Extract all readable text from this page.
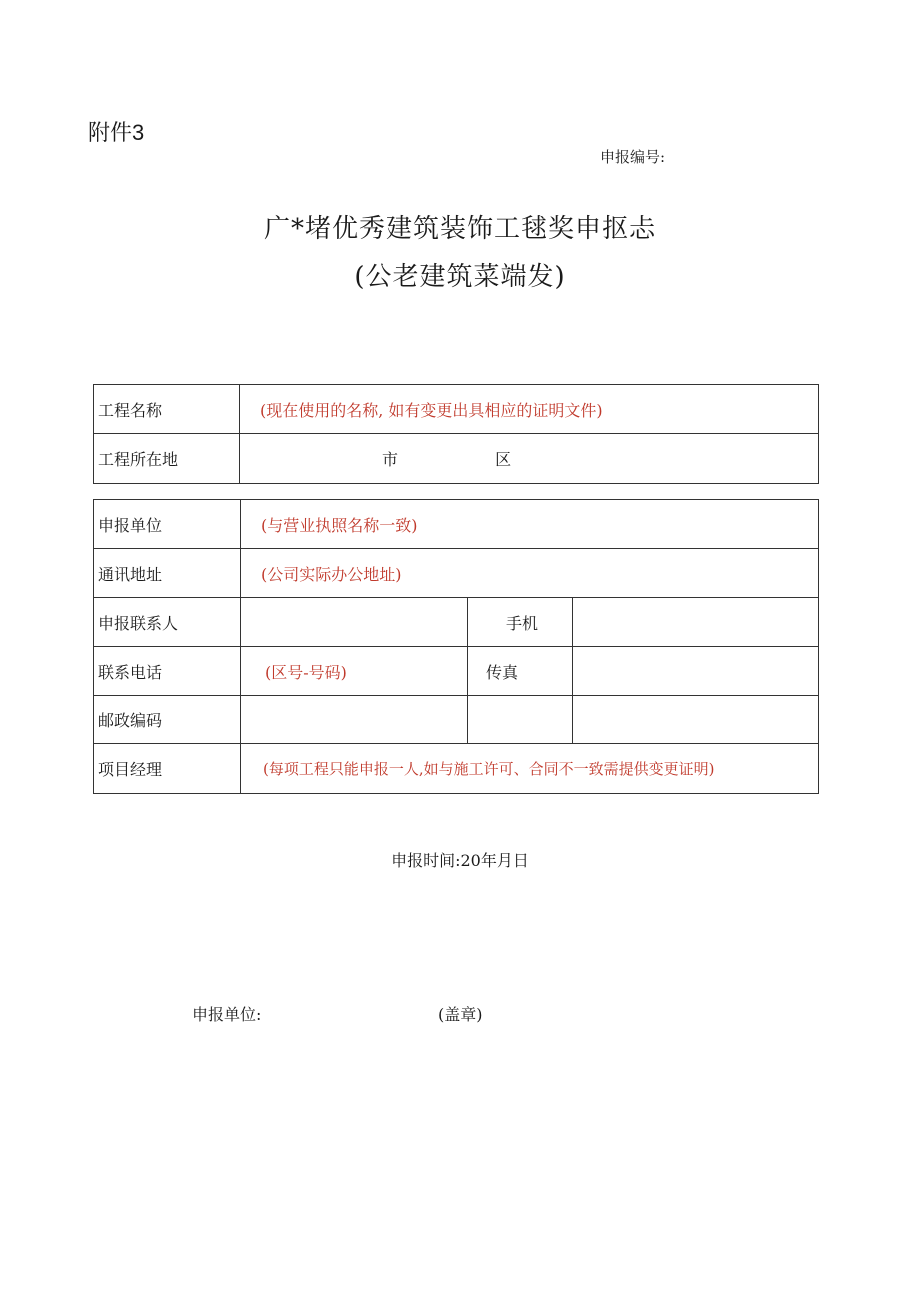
附件3
申报编号:
广*堵优秀建筑装饰工毬奖申抠忐
(公老建筑菜端发)
工程名称	(现在使用的名称, 如有变更出具相应的证明文件)
工程所在地	市 区
申报单位	(与营业执照名称一致)		
通讯地址	(公司实际办公地址)		
申报联系人		手机	
联系电话	(区号-号码)	传真	
邮政编码			
项目经理	(每项工程只能申报一人,如与施工许可、合同不一致需提供变更证明)		
申报时间:20年月日
申报单位:	(盖章)
